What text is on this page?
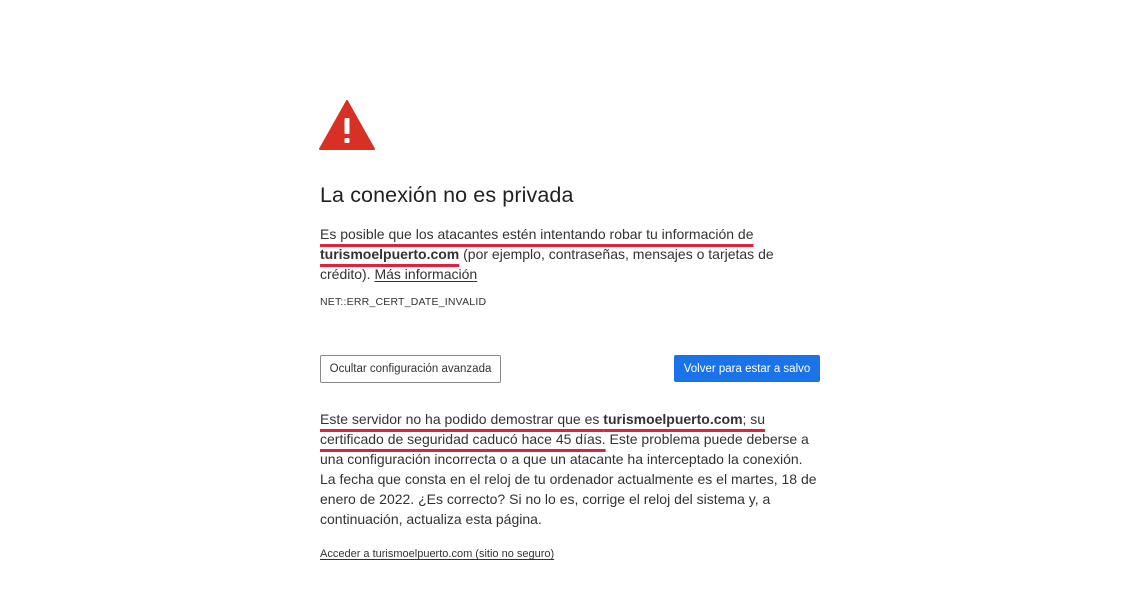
La conexión no es privada

Es posible que los atacantes estén intentando robar tu información de turismoelpuerto.com (por ejemplo, contraseñas, mensajes o tarjetas de crédito). Más información

NET::ERR_CERT_DATE_INVALID
Ocultar configuración avanzada	Volver para estar a salvo

Este servidor no ha podido demostrar que es turismoelpuerto.com; su certificado de seguridad caducó hace 45 días. Este problema puede deberse a una configuración incorrecta o a que un atacante ha interceptado la conexión. La fecha que consta en el reloj de tu ordenador actualmente es el martes, 18 de enero de 2022. ¿Es correcto? Si no lo es, corrige el reloj del sistema y, a continuación, actualiza esta página.

Acceder a turismoelpuerto.com (sitio no seguro)
